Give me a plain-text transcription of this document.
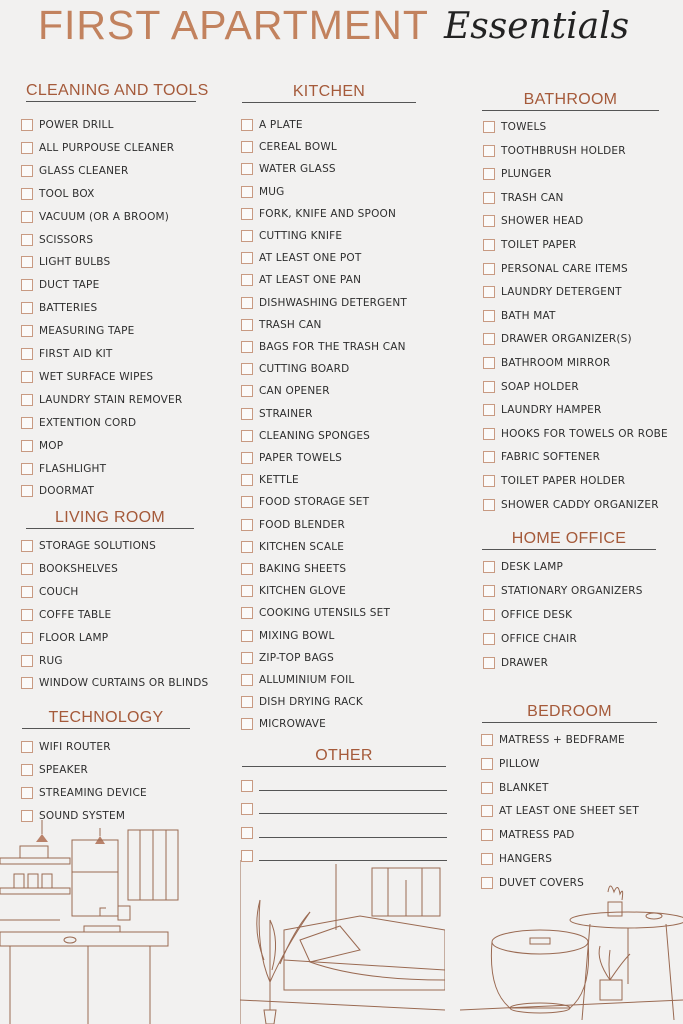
FIRST APARTMENT Essentials
CLEANING AND TOOLS
LIVING ROOM
TECHNOLOGY
KITCHEN
OTHER
BATHROOM
HOME OFFICE
BEDROOM
POWER DRILL
ALL PURPOUSE CLEANER
GLASS CLEANER
TOOL BOX
VACUUM (OR A BROOM)
SCISSORS
LIGHT BULBS
DUCT TAPE
BATTERIES
MEASURING TAPE
FIRST AID KIT
WET SURFACE WIPES
LAUNDRY STAIN REMOVER
EXTENTION CORD
MOP
FLASHLIGHT
DOORMAT
STORAGE SOLUTIONS
BOOKSHELVES
COUCH
COFFE TABLE
FLOOR LAMP
RUG
WINDOW CURTAINS OR BLINDS
WIFI ROUTER
SPEAKER
STREAMING DEVICE
SOUND SYSTEM
A PLATE
CEREAL BOWL
WATER GLASS
MUG
FORK, KNIFE AND SPOON
CUTTING KNIFE
AT LEAST ONE POT
AT LEAST ONE PAN
DISHWASHING DETERGENT
TRASH CAN
BAGS FOR THE TRASH CAN
CUTTING BOARD
CAN OPENER
STRAINER
CLEANING SPONGES
PAPER TOWELS
KETTLE
FOOD STORAGE SET
FOOD BLENDER
KITCHEN SCALE
BAKING SHEETS
KITCHEN GLOVE
COOKING UTENSILS SET
MIXING BOWL
ZIP-TOP BAGS
ALLUMINIUM FOIL
DISH DRYING RACK
MICROWAVE
TOWELS
TOOTHBRUSH HOLDER
PLUNGER
TRASH CAN
SHOWER HEAD
TOILET PAPER
PERSONAL CARE ITEMS
LAUNDRY DETERGENT
BATH MAT
DRAWER ORGANIZER(S)
BATHROOM MIRROR
SOAP HOLDER
LAUNDRY HAMPER
HOOKS FOR TOWELS OR ROBE
FABRIC SOFTENER
TOILET PAPER HOLDER
SHOWER CADDY ORGANIZER
DESK LAMP
STATIONARY ORGANIZERS
OFFICE DESK
OFFICE CHAIR
DRAWER
MATRESS + BEDFRAME
PILLOW
BLANKET
AT LEAST ONE SHEET SET
MATRESS PAD
HANGERS
DUVET COVERS
